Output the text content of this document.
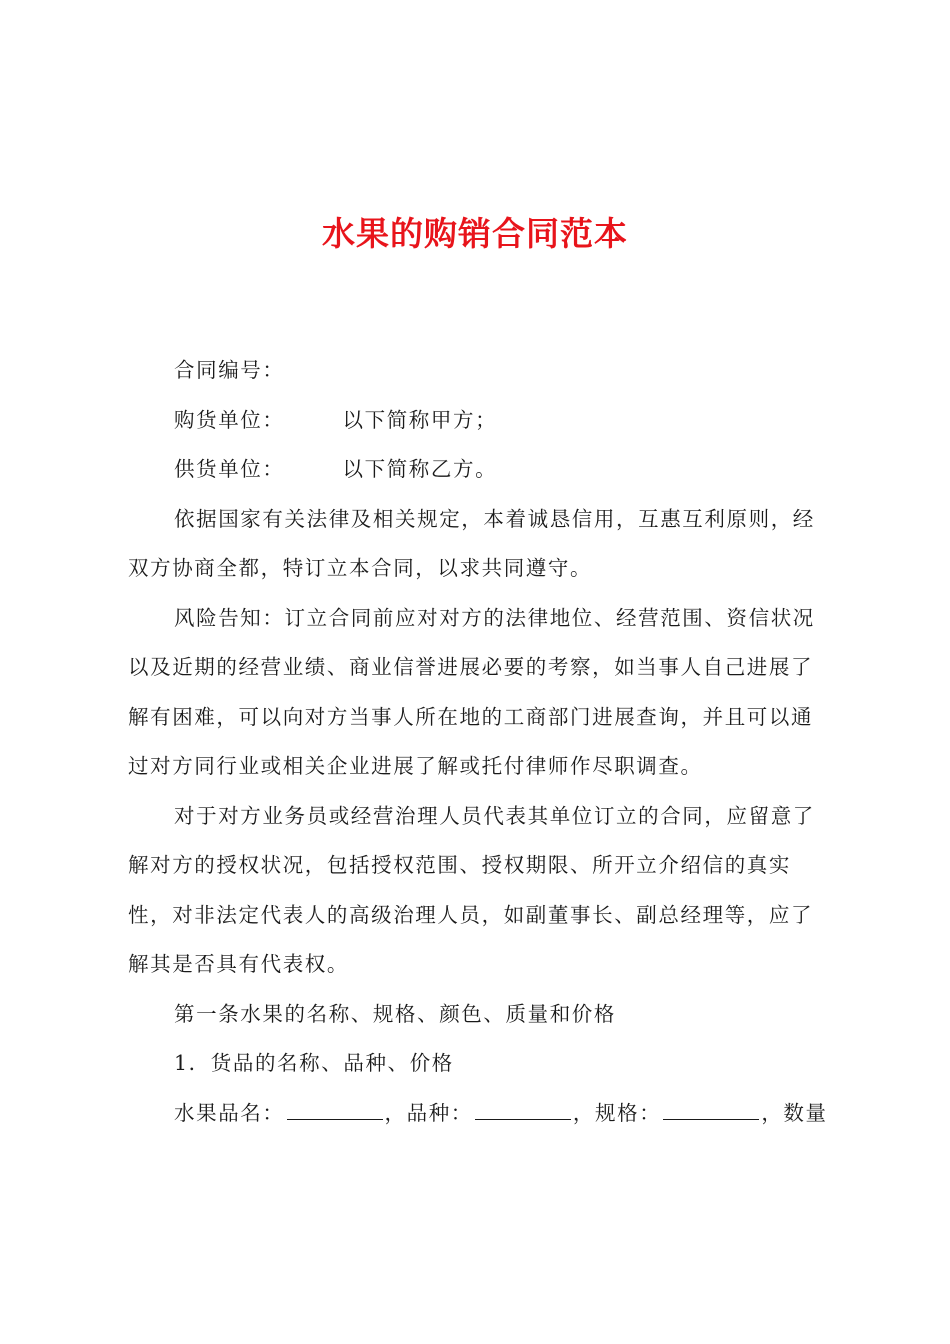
水果的购销合同范本
合同编号：
购货单位：	以下简称甲方；
供货单位：	以下简称乙方。
依据国家有关法律及相关规定，本着诚恳信用，互惠互利原则，经
双方协商全都，特订立本合同，以求共同遵守。
风险告知：订立合同前应对对方的法律地位、经营范围、资信状况
以及近期的经营业绩、商业信誉进展必要的考察，如当事人自己进展了
解有困难，可以向对方当事人所在地的工商部门进展查询，并且可以通
过对方同行业或相关企业进展了解或托付律师作尽职调查。
对于对方业务员或经营治理人员代表其单位订立的合同，应留意了
解对方的授权状况，包括授权范围、授权期限、所开立介绍信的真实
性，对非法定代表人的高级治理人员，如副董事长、副总经理等，应了
解其是否具有代表权。
第一条水果的名称、规格、颜色、质量和价格
1．货品的名称、品种、价格
水果品名：	，品种：	，规格：	，数量
